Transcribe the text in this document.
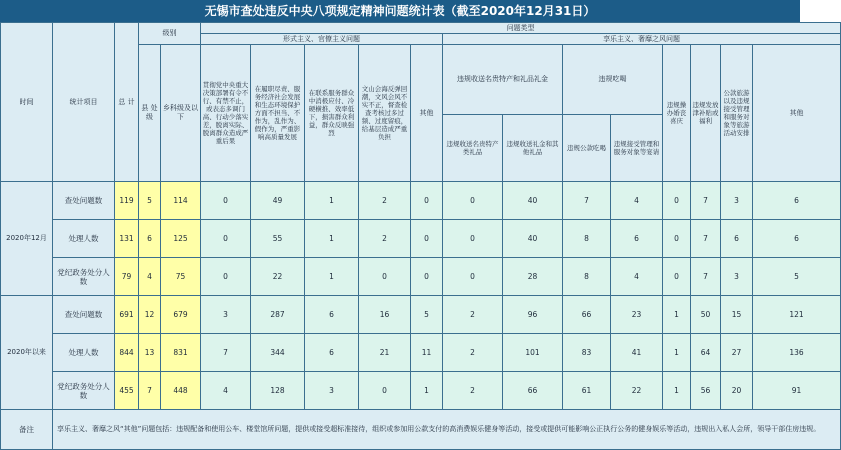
无锡市查处违反中央八项规定精神问题统计表（截至2020年12月31日）
时间	统计项目	总 计	级别		问题类型												
					形式主义、官僚主义问题					享乐主义、奢靡之风问题							
			县 处级	乡科级及以下	贯彻党中央重大决策部署有令不行、有禁不止，或表态多调门高、行动少落实差，脱离实际、脱离群众造成严重后果	在履职尽责、服务经济社会发展和生态环境保护方面不担当、不作为，乱作为、假作为，严重影响高质量发展	在联系服务群众中消极应付、冷硬横推、效率低下，损害群众利益，群众反映强烈	文山会海反弹回潮，文风会风不实不正，督查检查考核过多过频、过度留痕，给基层造成严重负担	其他	违规收送名贵特产和礼品礼金		违规吃喝		违规操办婚丧喜庆	违规发放津补贴或福利	公款旅游以及违规接受管理和服务对象等旅游活动安排	其他
										违规收送名贵特产类礼品	违规收送礼金和其他礼品	违规公款吃喝	违规接受管理和服务对象等宴请				
2020年12月	查处问题数	119	5	114	0	49	1	2	0	0	40	7	4	0	7	3	6
	处理人数	131	6	125	0	55	1	2	0	0	40	8	6	0	7	6	6
	党纪政务处分人数	79	4	75	0	22	1	0	0	0	28	8	4	0	7	3	5
2020年以来	查处问题数	691	12	679	3	287	6	16	5	2	96	66	23	1	50	15	121
	处理人数	844	13	831	7	344	6	21	11	2	101	83	41	1	64	27	136
	党纪政务处分人数	455	7	448	4	128	3	0	1	2	66	61	22	1	56	20	91
备注	享乐主义、奢靡之风“其他”问题包括：违规配备和使用公车、楼堂馆所问题，提供或接受超标准接待，组织或参加用公款支付的高消费娱乐健身等活动，接受或提供可能影响公正执行公务的健身娱乐等活动，违规出入私人会所，领导干部住房违规。																
